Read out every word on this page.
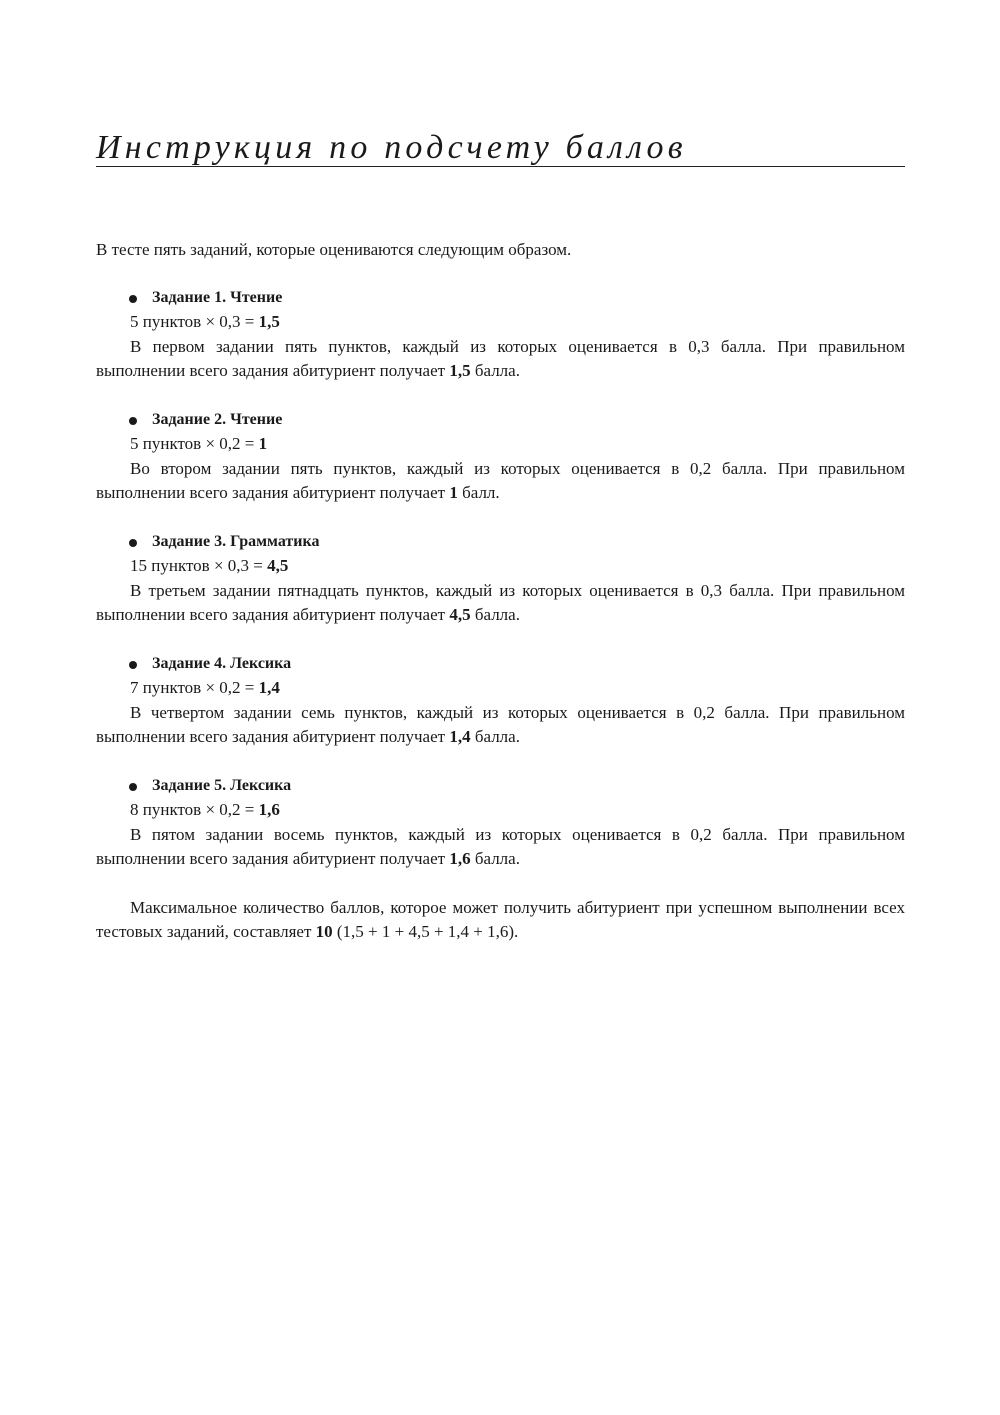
Инструкция по подсчету баллов

В тесте пять заданий, которые оцениваются следующим образом.

Задание 1. Чтение

5 пунктов × 0,3 = 1,5

В первом задании пять пунктов, каждый из которых оценивается в 0,3 балла. При правильном выполнении всего задания абитуриент получает 1,5 балла.

Задание 2. Чтение

5 пунктов × 0,2 = 1

Во втором задании пять пунктов, каждый из которых оценивается в 0,2 балла. При правильном выполнении всего задания абитуриент получает 1 балл.

Задание 3. Грамматика

15 пунктов × 0,3 = 4,5

В третьем задании пятнадцать пунктов, каждый из которых оценивается в 0,3 балла. При правильном выполнении всего задания абитуриент получает 4,5 балла.

Задание 4. Лексика

7 пунктов × 0,2 = 1,4

В четвертом задании семь пунктов, каждый из которых оценивается в 0,2 балла. При правильном выполнении всего задания абитуриент получает 1,4 балла.

Задание 5. Лексика

8 пунктов × 0,2 = 1,6

В пятом задании восемь пунктов, каждый из которых оценивается в 0,2 балла. При правильном выполнении всего задания абитуриент получает 1,6 балла.

Максимальное количество баллов, которое может получить абитуриент при успешном выполнении всех тестовых заданий, составляет 10 (1,5 + 1 + 4,5 + 1,4 + 1,6).
